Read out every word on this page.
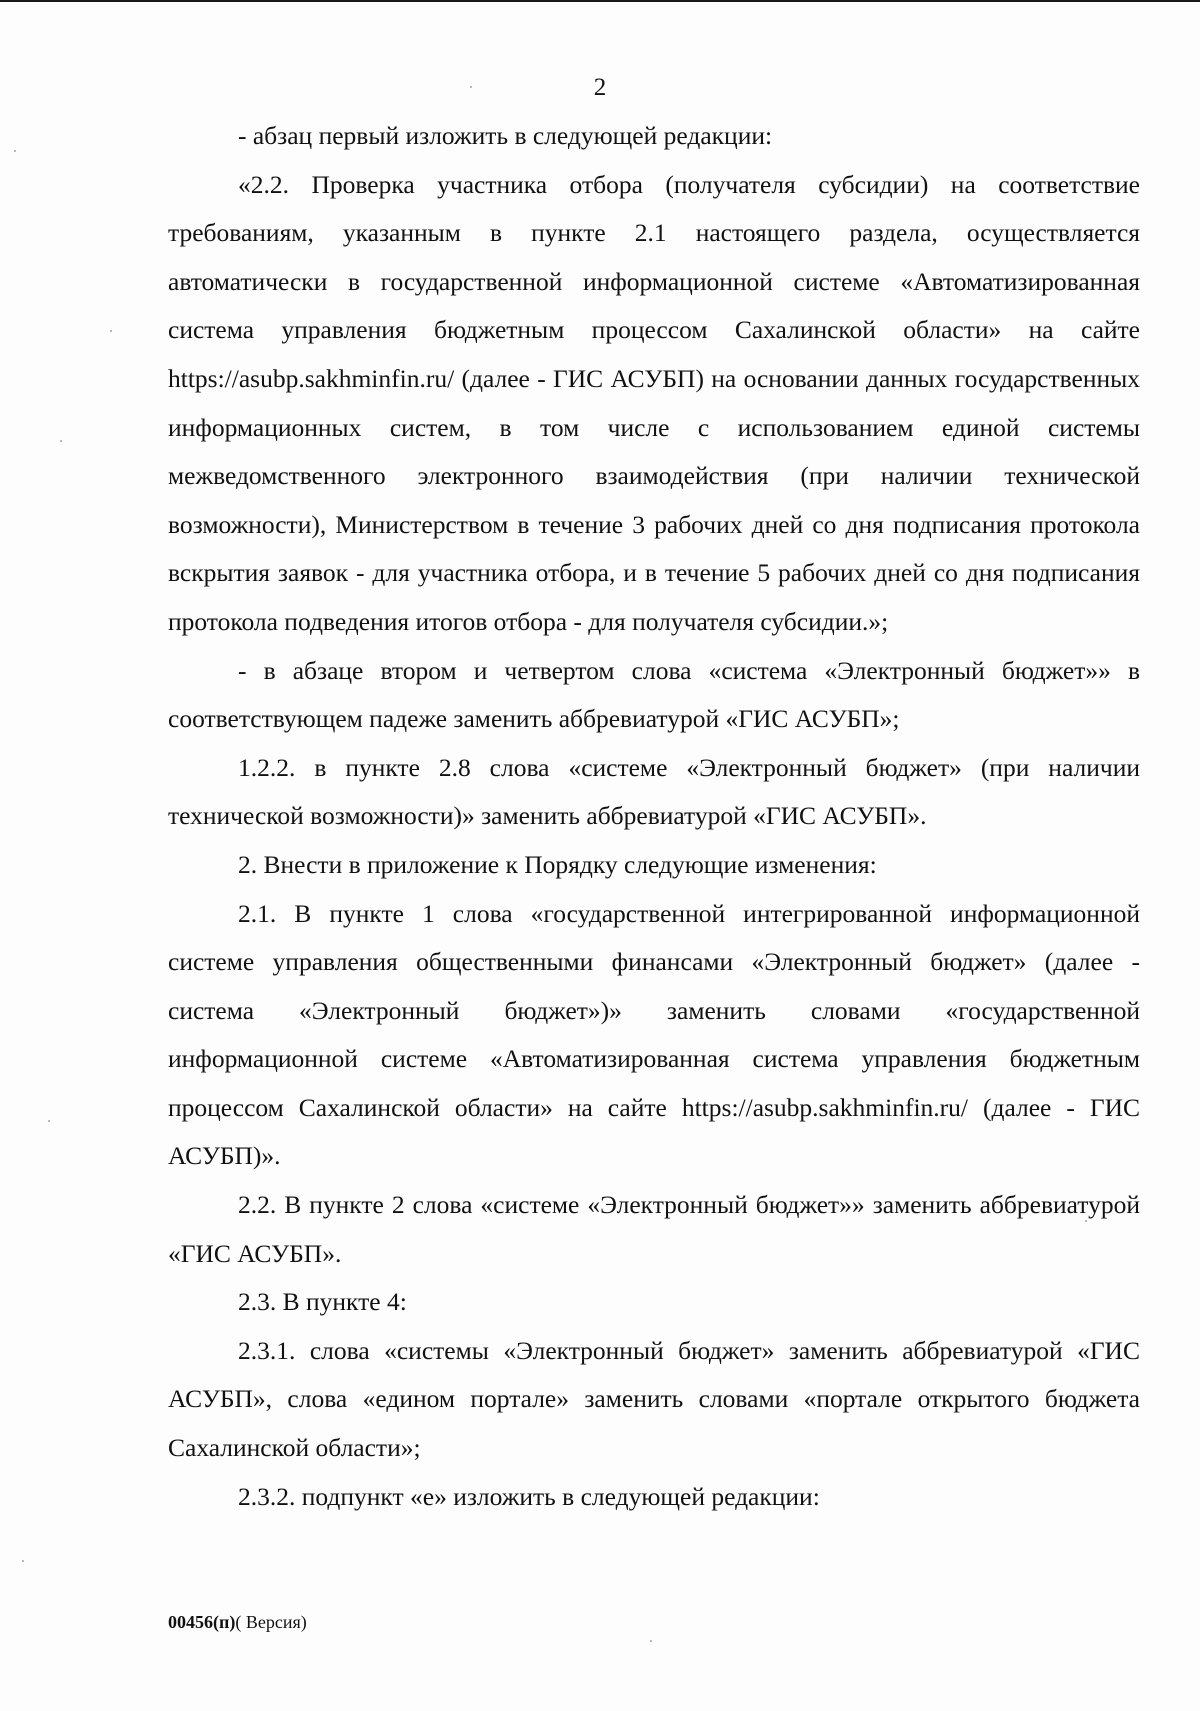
2

- абзац первый изложить в следующей редакции:

«2.2. Проверка участника отбора (получателя субсидии) на соответствие требованиям, указанным в пункте 2.1 настоящего раздела, осуществляется автоматически в государственной информационной системе «Автоматизированная система управления бюджетным процессом Сахалинской области» на сайте https://asubp.sakhminfin.ru/ (далее - ГИС АСУБП) на основании данных государственных информационных систем, в том числе с использованием единой системы межведомственного электронного взаимодействия (при наличии технической возможности), Министерством в течение 3 рабочих дней со дня подписания протокола вскрытия заявок - для участника отбора, и в течение 5 рабочих дней со дня подписания протокола подведения итогов отбора - для получателя субсидии.»;

- в абзаце втором и четвертом слова «система «Электронный бюджет»» в соответствующем падеже заменить аббревиатурой «ГИС АСУБП»;

1.2.2. в пункте 2.8 слова «системе «Электронный бюджет» (при наличии технической возможности)» заменить аббревиатурой «ГИС АСУБП».

2. Внести в приложение к Порядку следующие изменения:

2.1. В пункте 1 слова «государственной интегрированной информационной системе управления общественными финансами «Электронный бюджет» (далее - система «Электронный бюджет»)» заменить словами «государственной информационной системе «Автоматизированная система управления бюджетным процессом Сахалинской области» на сайте https://asubp.sakhminfin.ru/ (далее - ГИС АСУБП)».

2.2. В пункте 2 слова «системе «Электронный бюджет»» заменить аббревиатурой «ГИС АСУБП».

2.3. В пункте 4:

2.3.1. слова «системы «Электронный бюджет» заменить аббревиатурой «ГИС АСУБП», слова «едином портале» заменить словами «портале открытого бюджета Сахалинской области»;

2.3.2. подпункт «е» изложить в следующей редакции:

00456(п)( Версия)
